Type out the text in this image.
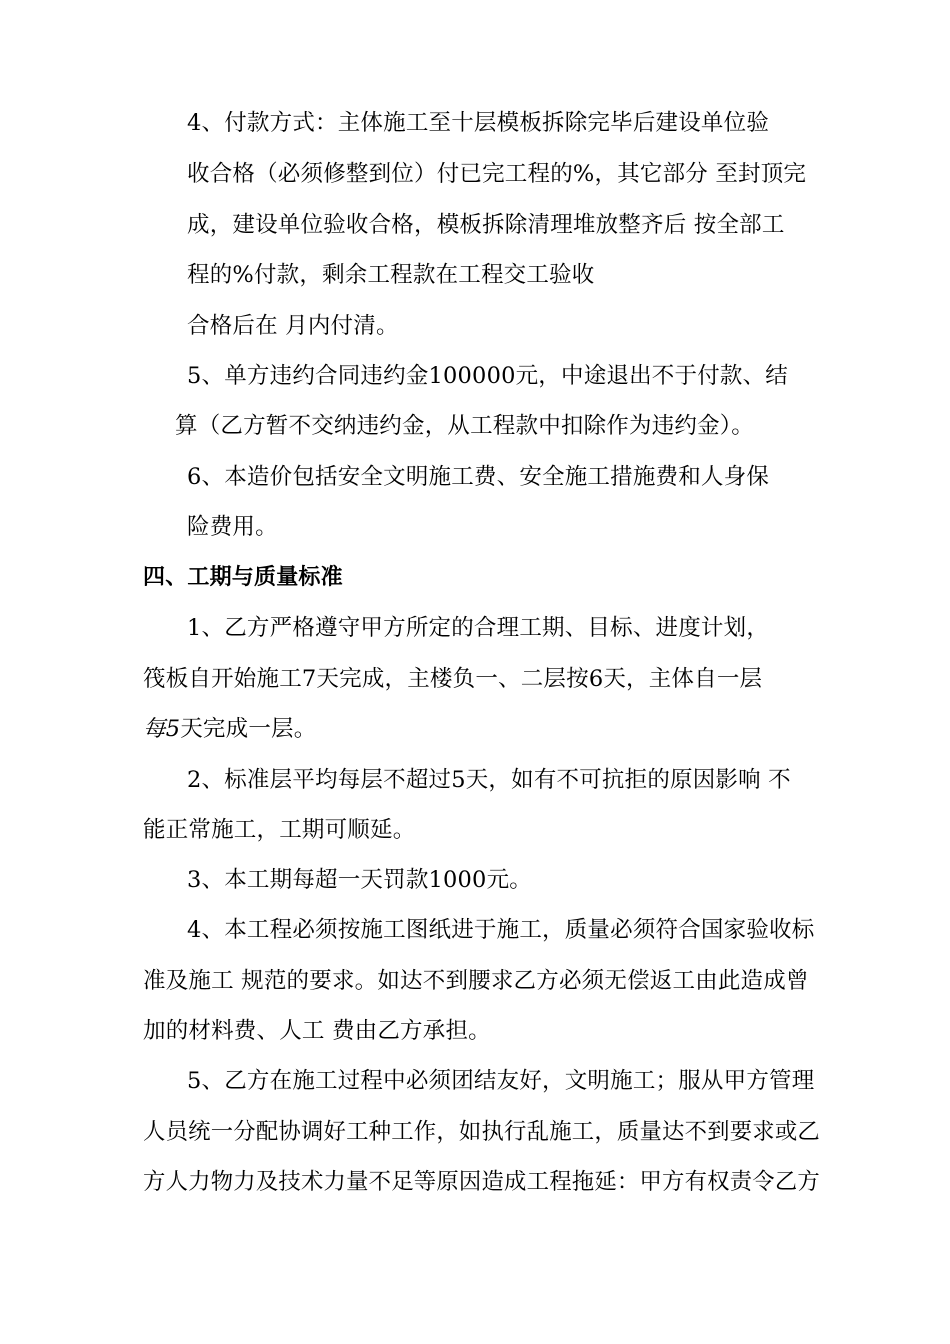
4、付款方式：主体施工至十层模板拆除完毕后建设单位验
收合格（必须修整到位）付已完工程的%，其它部分 至封顶完
成，建设单位验收合格，模板拆除清理堆放整齐后 按全部工
程的%付款，剩余工程款在工程交工验收
合格后在 月内付清。
5、单方违约合同违约金100000元，中途退出不于付款、结
算（乙方暂不交纳违约金，从工程款中扣除作为违约金）。
6、本造价包括安全文明施工费、安全施工措施费和人身保
险费用。
四、工期与质量标准
1、乙方严格遵守甲方所定的合理工期、目标、进度计划，
筏板自开始施工7天完成，主楼负一、二层按6天，主体自一层
每5天完成一层。
2、标准层平均每层不超过5天，如有不可抗拒的原因影响 不
能正常施工，工期可顺延。
3、本工期每超一天罚款1000元。
4、本工程必须按施工图纸进于施工，质量必须符合国家验收标
准及施工 规范的要求。如达不到腰求乙方必须无偿返工由此造成曾
加的材料费、人工 费由乙方承担。
5、乙方在施工过程中必须团结友好，文明施工；服从甲方管理
人员统一分配协调好工种工作，如执行乱施工，质量达不到要求或乙
方人力物力及技术力量不足等原因造成工程拖延：甲方有权责令乙方
